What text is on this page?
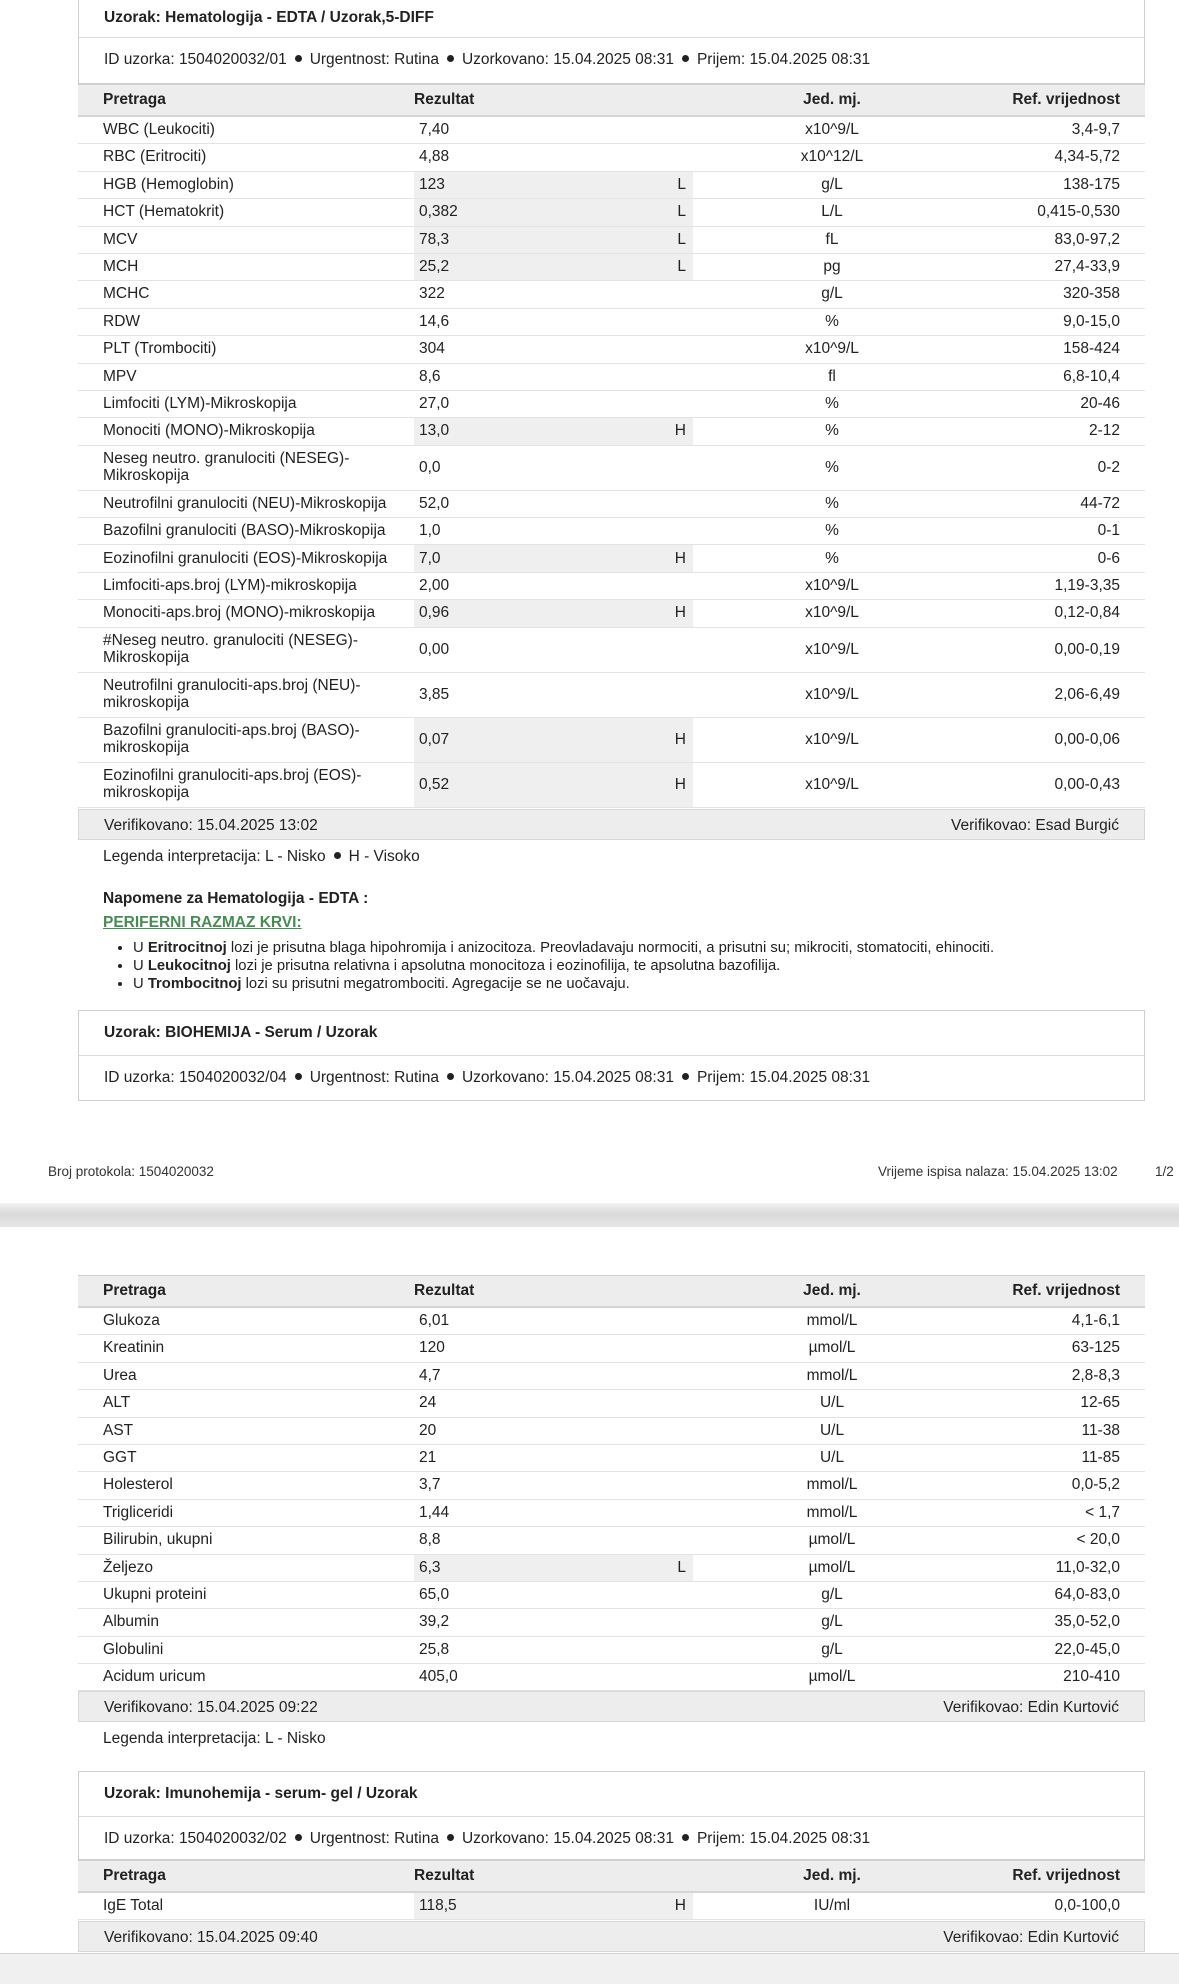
Uzorak: Hematologija - EDTA / Uzorak,5-DIFF
ID uzorka: 1504020032/01 Urgentnost: Rutina Uzorkovano: 15.04.2025 08:31 Prijem: 15.04.2025 08:31
Pretraga	Rezultat	Jed. mj.	Ref. vrijednost
WBC (Leukociti)	7,40	x10^9/L	3,4-9,7
RBC (Eritrociti)	4,88	x10^12/L	4,34-5,72
HGB (Hemoglobin)	123 L	g/L	138-175
HCT (Hematokrit)	0,382 L	L/L	0,415-0,530
MCV	78,3 L	fL	83,0-97,2
MCH	25,2 L	pg	27,4-33,9
MCHC	322	g/L	320-358
RDW	14,6	%	9,0-15,0
PLT (Trombociti)	304	x10^9/L	158-424
MPV	8,6	fl	6,8-10,4
Limfociti (LYM)-Mikroskopija	27,0	%	20-46
Monociti (MONO)-Mikroskopija	13,0 H	%	2-12
Neseg neutro. granulociti (NESEG)-Mikroskopija	0,0	%	0-2
Neutrofilni granulociti (NEU)-Mikroskopija	52,0	%	44-72
Bazofilni granulociti (BASO)-Mikroskopija	1,0	%	0-1
Eozinofilni granulociti (EOS)-Mikroskopija	7,0 H	%	0-6
Limfociti-aps.broj (LYM)-mikroskopija	2,00	x10^9/L	1,19-3,35
Monociti-aps.broj (MONO)-mikroskopija	0,96 H	x10^9/L	0,12-0,84
#Neseg neutro. granulociti (NESEG)-Mikroskopija	0,00	x10^9/L	0,00-0,19
Neutrofilni granulociti-aps.broj (NEU)-mikroskopija	3,85	x10^9/L	2,06-6,49
Bazofilni granulociti-aps.broj (BASO)-mikroskopija	0,07 H	x10^9/L	0,00-0,06
Eozinofilni granulociti-aps.broj (EOS)-mikroskopija	0,52 H	x10^9/L	0,00-0,43
Verifikovano: 15.04.2025 13:02	Verifikovao: Esad Burgić
Legenda interpretacija: L - Nisko H - Visoko
Napomene za Hematologija - EDTA :
PERIFERNI RAZMAZ KRVI:
• U Eritrocitnoj lozi je prisutna blaga hipohromija i anizocitoza. Preovladavaju normociti, a prisutni su; mikrociti, stomatociti, ehinociti.
• U Leukocitnoj lozi je prisutna relativna i apsolutna monocitoza i eozinofilija, te apsolutna bazofilija.
• U Trombocitnoj lozi su prisutni megatrombociti. Agregacije se ne uočavaju.
Uzorak: BIOHEMIJA - Serum / Uzorak
ID uzorka: 1504020032/04 Urgentnost: Rutina Uzorkovano: 15.04.2025 08:31 Prijem: 15.04.2025 08:31
Broj protokola: 1504020032	Vrijeme ispisa nalaza: 15.04.2025 13:02	1/2
Pretraga	Rezultat	Jed. mj.	Ref. vrijednost
Glukoza	6,01	mmol/L	4,1-6,1
Kreatinin	120	µmol/L	63-125
Urea	4,7	mmol/L	2,8-8,3
ALT	24	U/L	12-65
AST	20	U/L	11-38
GGT	21	U/L	11-85
Holesterol	3,7	mmol/L	0,0-5,2
Trigliceridi	1,44	mmol/L	< 1,7
Bilirubin, ukupni	8,8	µmol/L	< 20,0
Željezo	6,3 L	µmol/L	11,0-32,0
Ukupni proteini	65,0	g/L	64,0-83,0
Albumin	39,2	g/L	35,0-52,0
Globulini	25,8	g/L	22,0-45,0
Acidum uricum	405,0	µmol/L	210-410
Verifikovano: 15.04.2025 09:22	Verifikovao: Edin Kurtović
Legenda interpretacija: L - Nisko
Uzorak: Imunohemija - serum- gel / Uzorak
ID uzorka: 1504020032/02 Urgentnost: Rutina Uzorkovano: 15.04.2025 08:31 Prijem: 15.04.2025 08:31
Pretraga	Rezultat	Jed. mj.	Ref. vrijednost
IgE Total	118,5 H	IU/ml	0,0-100,0
Verifikovano: 15.04.2025 09:40	Verifikovao: Edin Kurtović
